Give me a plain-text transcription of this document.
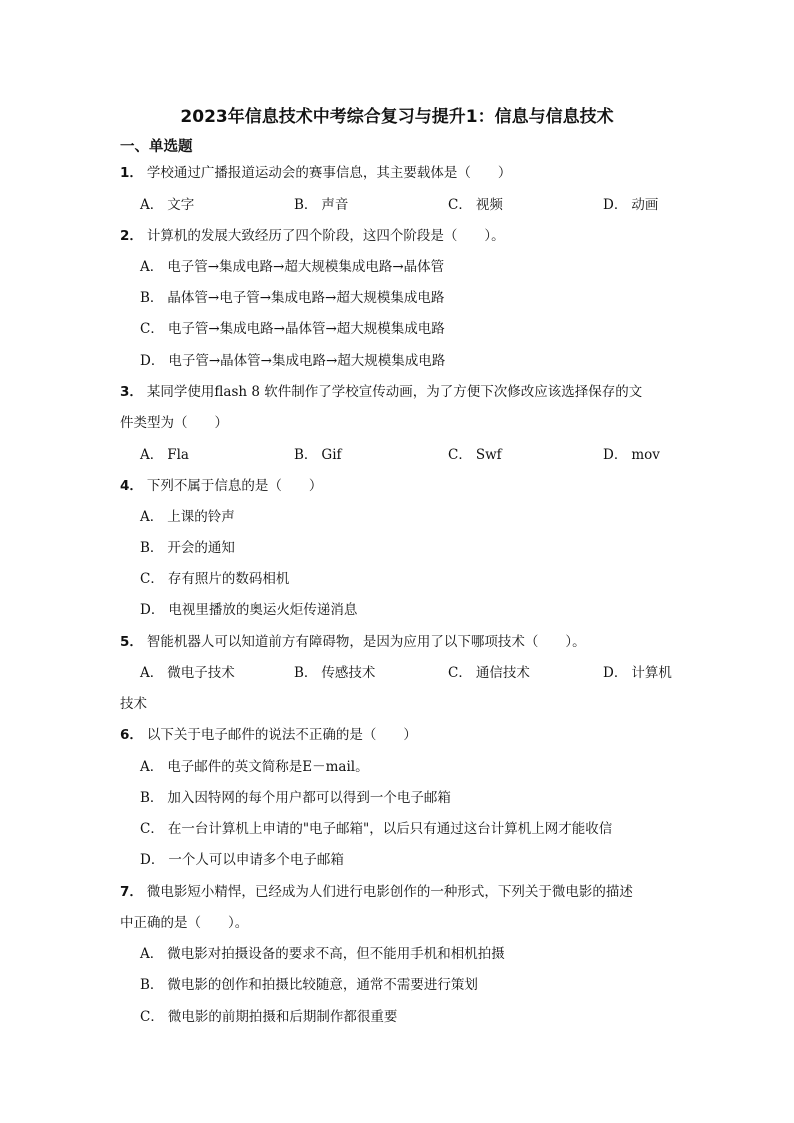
2023年信息技术中考综合复习与提升1：信息与信息技术
一、单选题
1． 学校通过广播报道运动会的赛事信息，其主要载体是（　　）
A． 文字	B． 声音	C． 视频	D． 动画
2． 计算机的发展大致经历了四个阶段，这四个阶段是（　　）。
A． 电子管→集成电路→超大规模集成电路→晶体管
B． 晶体管→电子管→集成电路→超大规模集成电路
C． 电子管→集成电路→晶体管→超大规模集成电路
D． 电子管→晶体管→集成电路→超大规模集成电路
3． 某同学使用flash 8 软件制作了学校宣传动画，为了方便下次修改应该选择保存的文
件类型为（　　）
A． Fla	B． Gif	C． Swf	D． mov
4． 下列不属于信息的是（　　）
A． 上课的铃声
B． 开会的通知
C． 存有照片的数码相机
D． 电视里播放的奥运火炬传递消息
5． 智能机器人可以知道前方有障碍物，是因为应用了以下哪项技术（　　）。
A． 微电子技术	B． 传感技术	C． 通信技术	D． 计算机
技术
6． 以下关于电子邮件的说法不正确的是（　　）
A． 电子邮件的英文简称是E－mail。
B． 加入因特网的每个用户都可以得到一个电子邮箱
C． 在一台计算机上申请的"电子邮箱"，以后只有通过这台计算机上网才能收信
D． 一个人可以申请多个电子邮箱
7． 微电影短小精悍，已经成为人们进行电影创作的一种形式，下列关于微电影的描述
中正确的是（　　）。
A． 微电影对拍摄设备的要求不高，但不能用手机和相机拍摄
B． 微电影的创作和拍摄比较随意，通常不需要进行策划
C． 微电影的前期拍摄和后期制作都很重要
